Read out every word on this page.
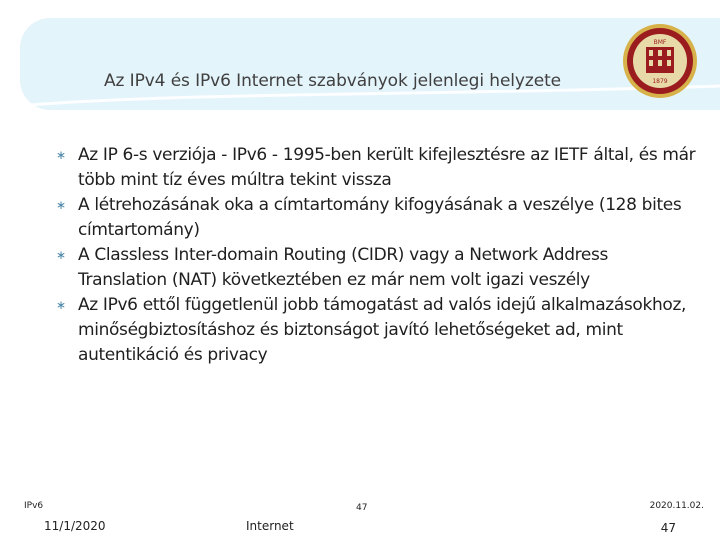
Az IPv4 és IPv6 Internet szabványok jelenlegi helyzete
BMF
1879
∗ Az IP 6-s verziója - IPv6 - 1995-ben került kifejlesztésre az IETF által, és már több mint tíz éves múltra tekint vissza
∗ A létrehozásának oka a címtartomány kifogyásának a veszélye (128 bites címtartomány)
∗ A Classless Inter-domain Routing (CIDR) vagy a Network Address Translation (NAT) következtében ez már nem volt igazi veszély
∗ Az IPv6 ettől függetlenül jobb támogatást ad valós idejű alkalmazásokhoz, minőségbiztosításhoz és biztonságot javító lehetőségeket ad, mint autentikáció és privacy
IPv6	47	2020.11.02.
11/1/2020	Internet	47
